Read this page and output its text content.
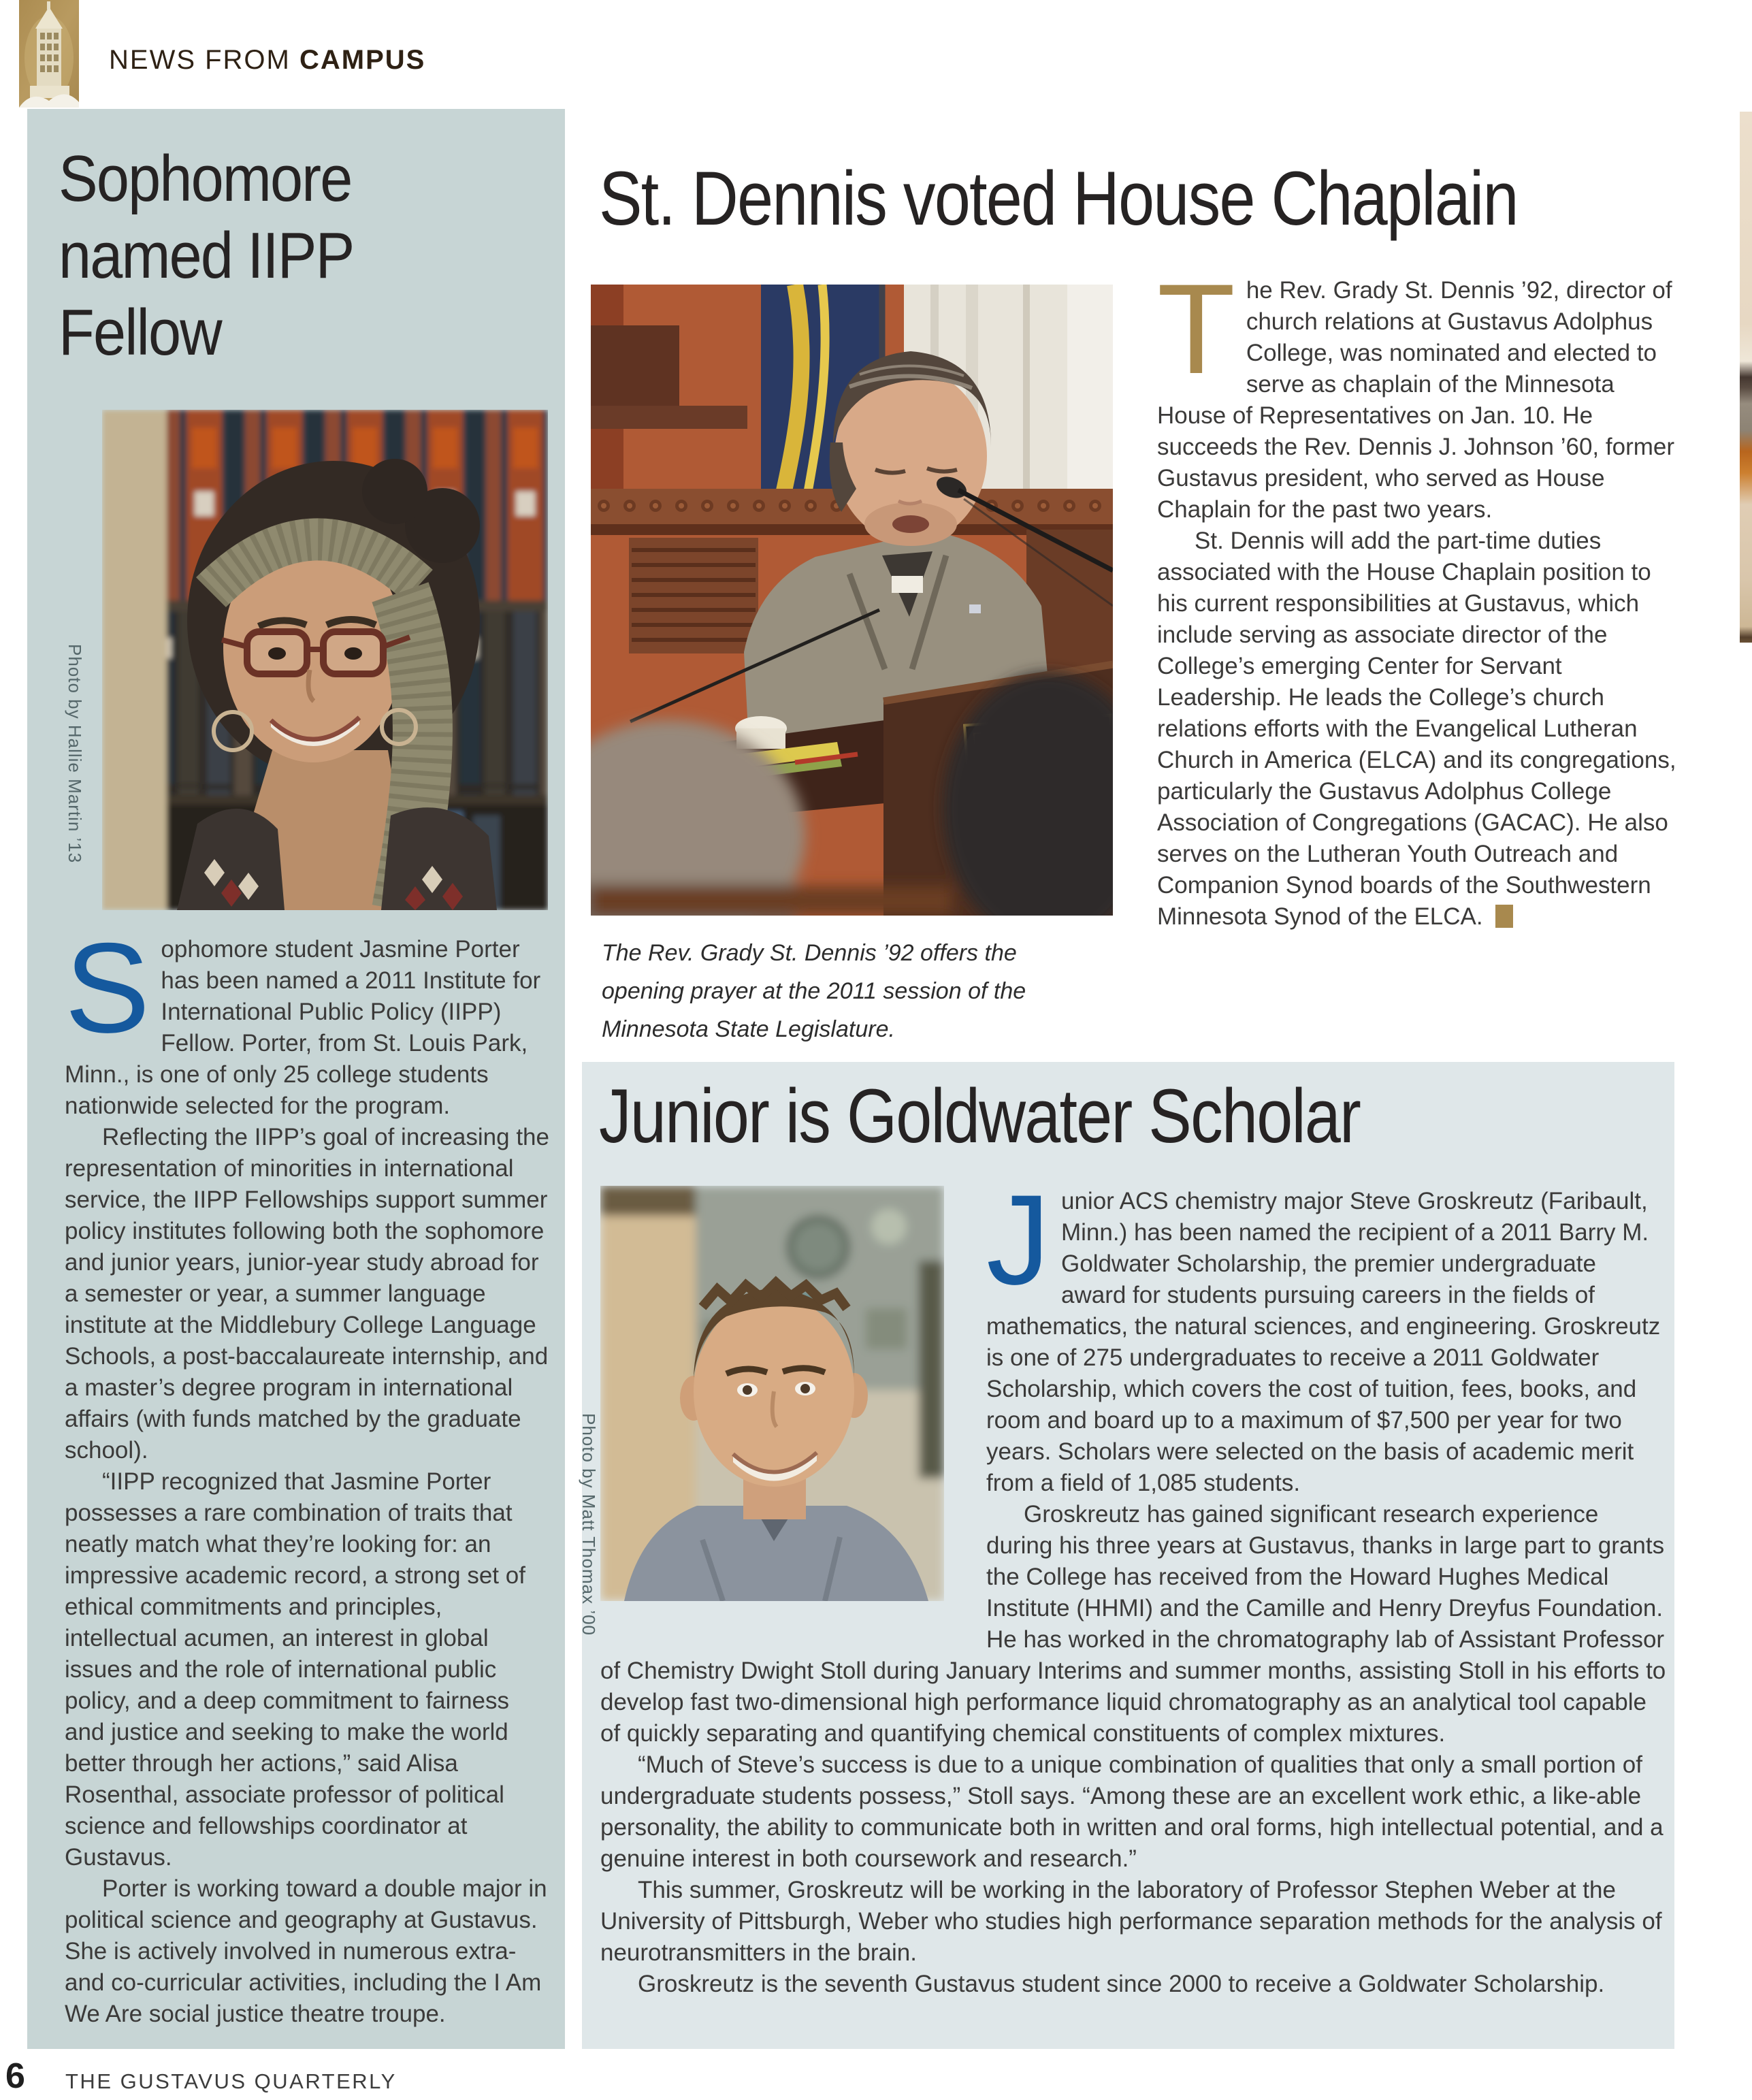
NEWS FROM CAMPUS
Sophomore
named IIPP
Fellow
Photo by Hallie Martin ’13

Sophomore student Jasmine Porter has been named a 2011 Institute for International Public Policy (IIPP) Fellow. Porter, from St. Louis Park, Minn., is one of only 25 college students nationwide selected for the program.

Reflecting the IIPP’s goal of increasing the representation of minorities in international service, the IIPP Fellowships support summer policy institutes following both the sophomore and junior years, junior-year study abroad for a semester or year, a summer language institute at the Middlebury College Language Schools, a post-baccalaureate internship, and a master’s degree program in international affairs (with funds matched by the graduate school).

“IIPP recognized that Jasmine Porter possesses a rare combination of traits that neatly match what they’re looking for: an impressive academic record, a strong set of ethical commitments and principles, intellectual acumen, an interest in global issues and the role of international public policy, and a deep commitment to fairness and justice and seeking to make the world better through her actions,” said Alisa Rosenthal, associate professor of political science and fellowships coordinator at Gustavus.

Porter is working toward a double major in political science and geography at Gustavus. She is actively involved in numerous extra- and co-curricular activities, including the I Am We Are social justice theatre troupe.

St. Dennis voted House Chaplain
The Rev. Grady St. Dennis ’92 offers the opening prayer at the 2011 session of the Minnesota State Legislature.

The Rev. Grady St. Dennis ’92, director of church relations at Gustavus Adolphus College, was nominated and elected to serve as chaplain of the Minnesota House of Representatives on Jan. 10. He succeeds the Rev. Dennis J. Johnson ’60, former Gustavus president, who served as House Chaplain for the past two years.

St. Dennis will add the part-time duties associated with the House Chaplain position to his current responsibilities at Gustavus, which include serving as associate director of the College’s emerging Center for Servant Leadership. He leads the College’s church relations efforts with the Evangelical Lutheran Church in America (ELCA) and its congregations, particularly the Gustavus Adolphus College Association of Congregations (GACAC). He also serves on the Lutheran Youth Outreach and Companion Synod boards of the Southwestern Minnesota Synod of the ELCA.

Junior is Goldwater Scholar
Photo by Matt Thomax ’00

Junior ACS chemistry major Steve Groskreutz (Faribault, Minn.) has been named the recipient of a 2011 Barry M. Goldwater Scholarship, the premier undergraduate award for students pursuing careers in the fields of mathematics, the natural sciences, and engineering. Groskreutz is one of 275 undergraduates to receive a 2011 Goldwater Scholarship, which covers the cost of tuition, fees, books, and room and board up to a maximum of $7,500 per year for two years. Scholars were selected on the basis of academic merit from a field of 1,085 students.

Groskreutz has gained significant research experience during his three years at Gustavus, thanks in large part to grants the College has received from the Howard Hughes Medical Institute (HHMI) and the Camille and Henry Dreyfus Foundation. He has worked in the chromatography lab of Assistant Professor of Chemistry Dwight Stoll during January Interims and summer months, assisting Stoll in his efforts to develop fast two-dimensional high performance liquid chromatography as an analytical tool capable of quickly separating and quantifying chemical constituents of complex mixtures.

“Much of Steve’s success is due to a unique combination of qualities that only a small portion of undergraduate students possess,” Stoll says. “Among these are an excellent work ethic, a like-able personality, the ability to communicate both in written and oral forms, high intellectual potential, and a genuine interest in both coursework and research.”

This summer, Groskreutz will be working in the laboratory of Professor Stephen Weber at the University of Pittsburgh, Weber who studies high performance separation methods for the analysis of neurotransmitters in the brain.

Groskreutz is the seventh Gustavus student since 2000 to receive a Goldwater Scholarship.

6 THE GUSTAVUS QUARTERLY
